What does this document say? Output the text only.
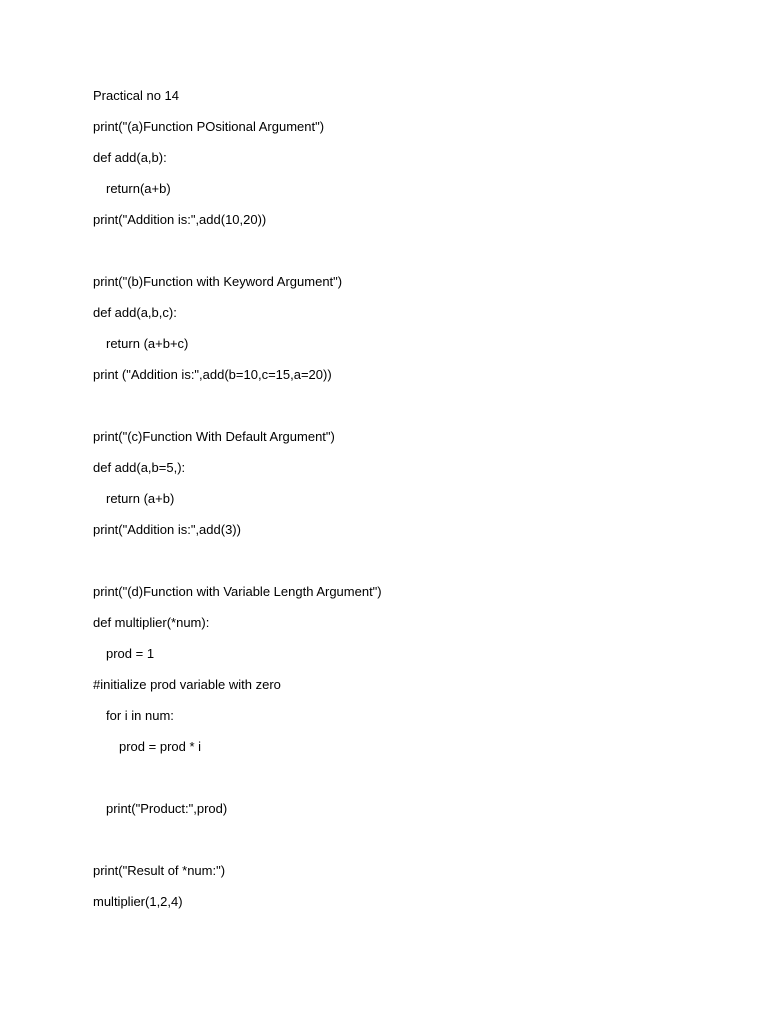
Practical no 14
print("(a)Function POsitional Argument")
def add(a,b):
return(a+b)
print("Addition is:",add(10,20))
print("(b)Function with Keyword Argument")
def add(a,b,c):
return (a+b+c)
print ("Addition is:",add(b=10,c=15,a=20))
print("(c)Function With Default Argument")
def add(a,b=5,):
return (a+b)
print("Addition is:",add(3))
print("(d)Function with Variable Length Argument")
def multiplier(*num):
prod = 1
#initialize prod variable with zero
for i in num:
prod = prod * i
print("Product:",prod)
print("Result of *num:")
multiplier(1,2,4)
